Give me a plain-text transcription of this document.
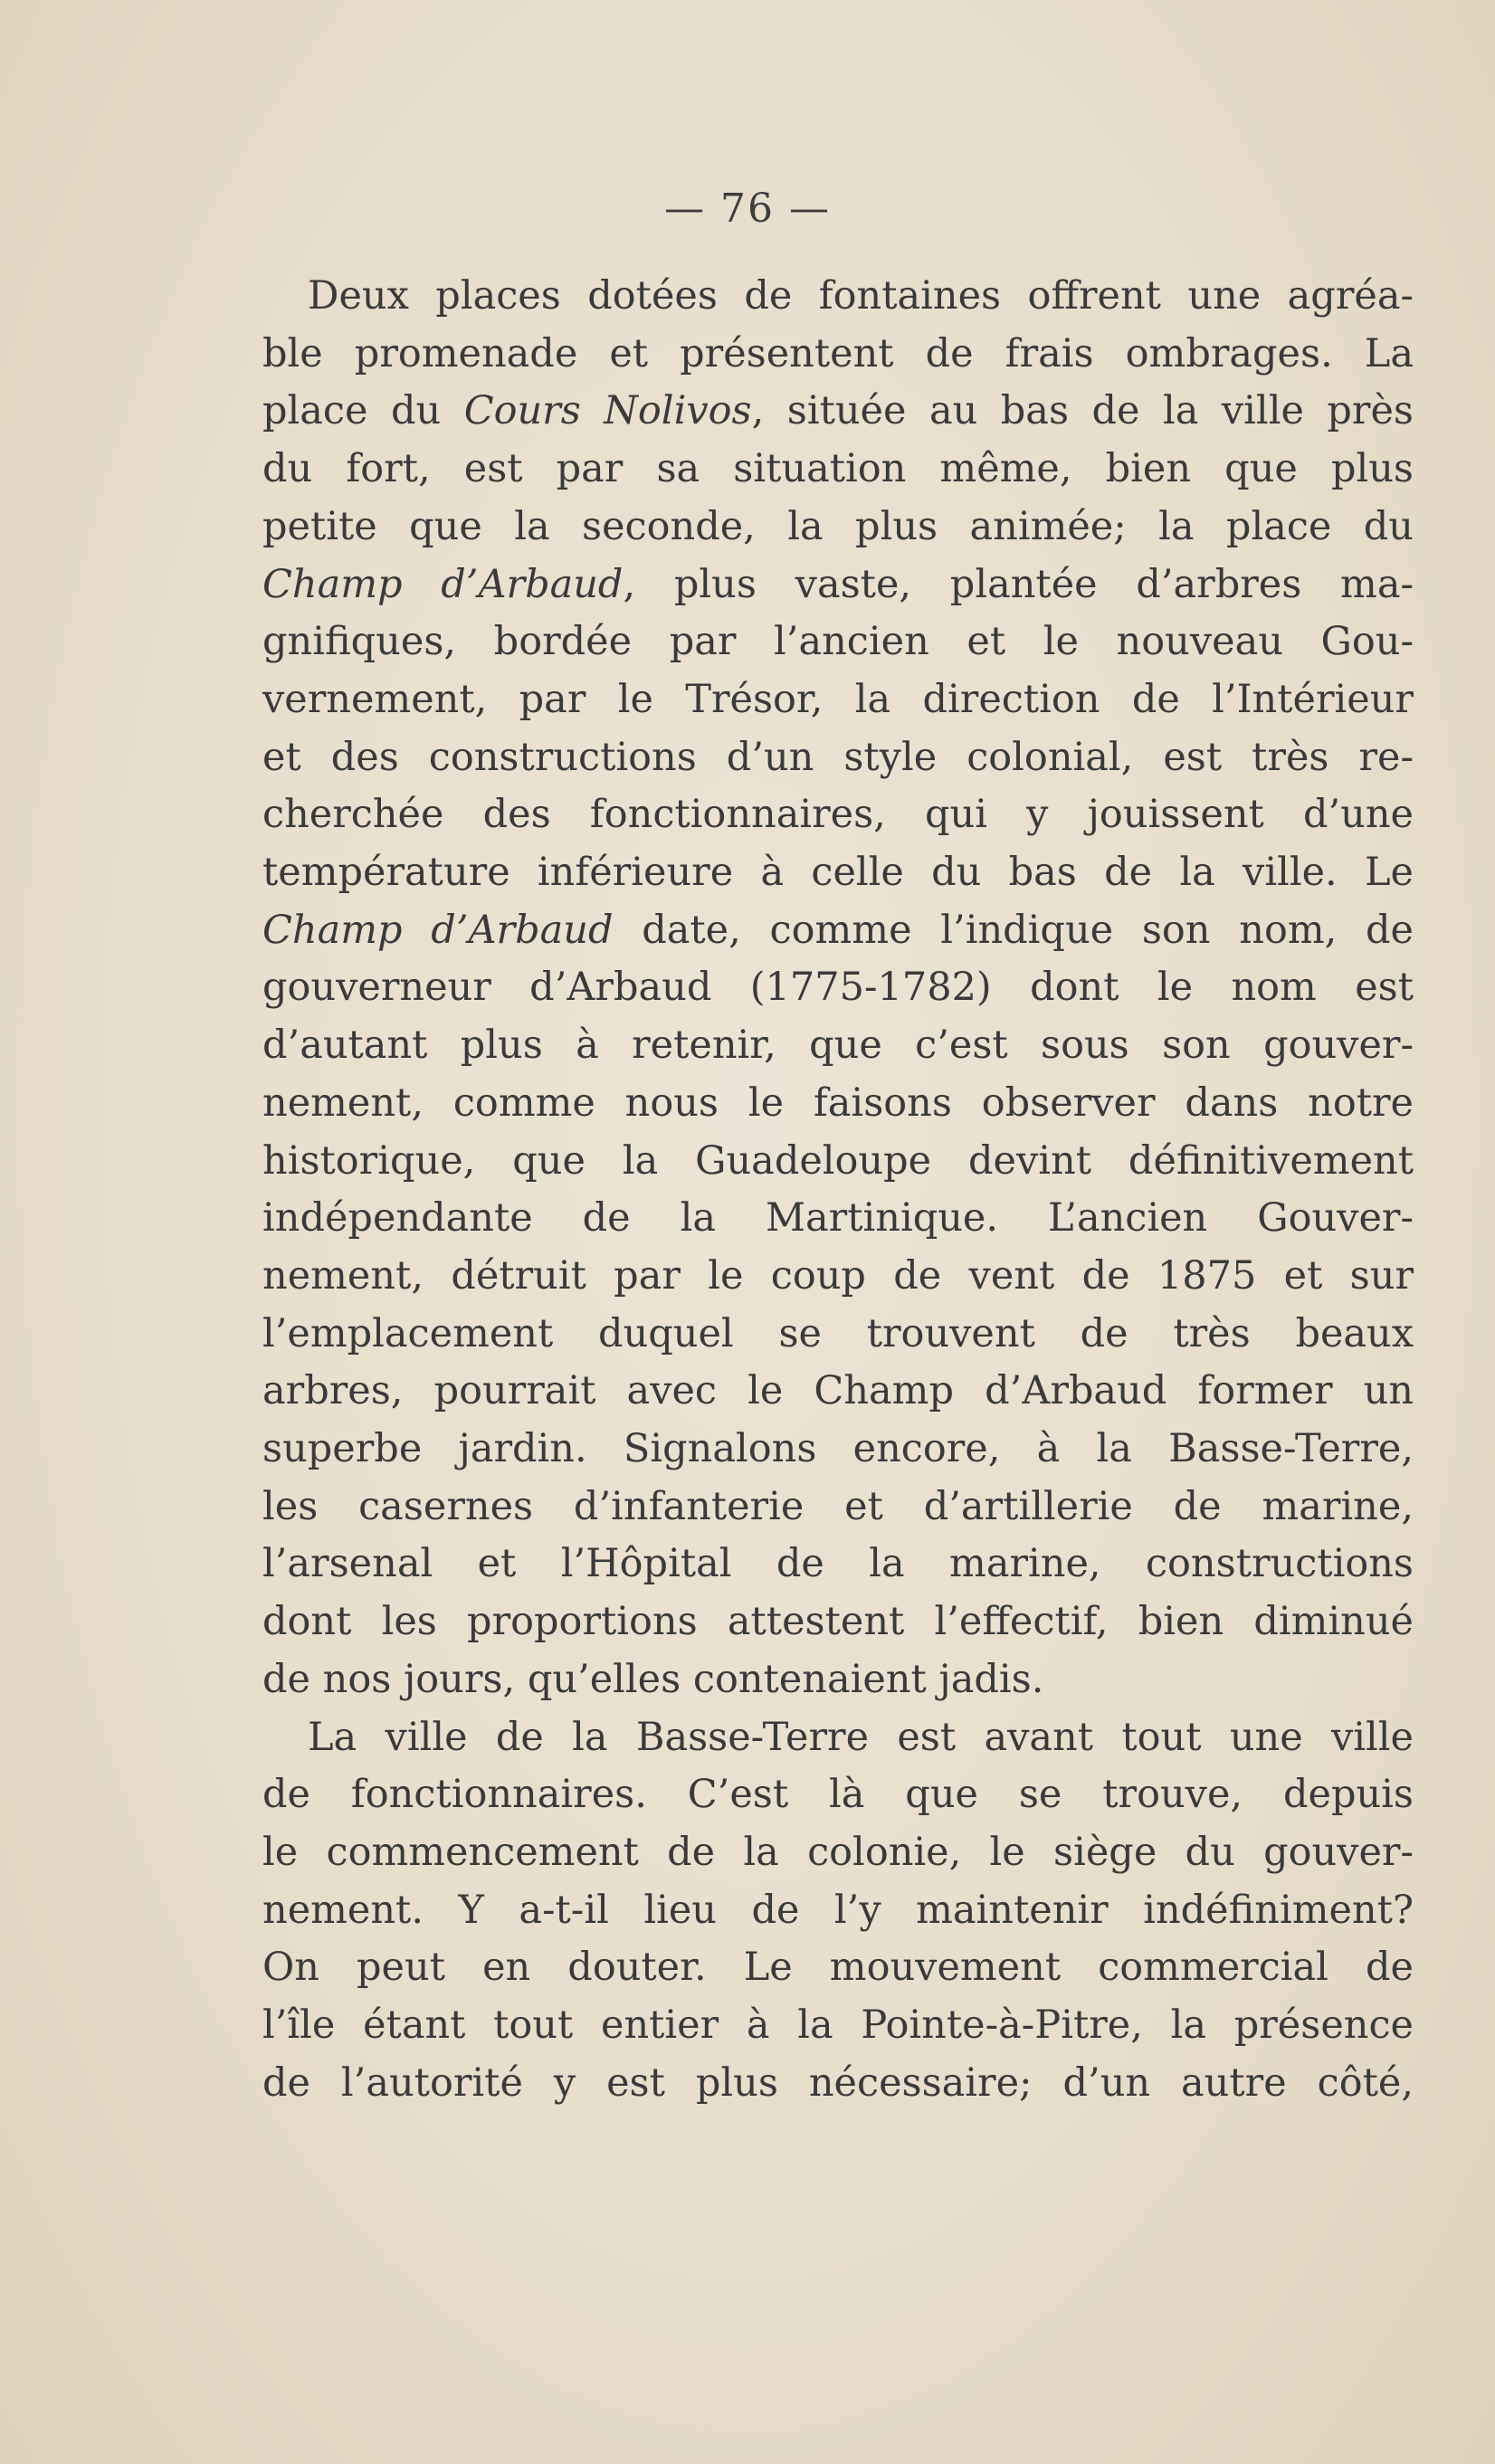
— 76 —
Deux places dotées de fontaines offrent une agréa-
ble promenade et présentent de frais ombrages. La
place du Cours Nolivos, située au bas de la ville près
du fort, est par sa situation même, bien que plus
petite que la seconde, la plus animée; la place du
Champ d’Arbaud, plus vaste, plantée d’arbres ma-
gnifiques, bordée par l’ancien et le nouveau Gou-
vernement, par le Trésor, la direction de l’Intérieur
et des constructions d’un style colonial, est très re-
cherchée des fonctionnaires, qui y jouissent d’une
température inférieure à celle du bas de la ville. Le
Champ d’Arbaud date, comme l’indique son nom, de
gouverneur d’Arbaud (1775-1782) dont le nom est
d’autant plus à retenir, que c’est sous son gouver-
nement, comme nous le faisons observer dans notre
historique, que la Guadeloupe devint définitivement
indépendante de la Martinique. L’ancien Gouver-
nement, détruit par le coup de vent de 1875 et sur
l’emplacement duquel se trouvent de très beaux
arbres, pourrait avec le Champ d’Arbaud former un
superbe jardin. Signalons encore, à la Basse-Terre,
les casernes d’infanterie et d’artillerie de marine,
l’arsenal et l’Hôpital de la marine, constructions
dont les proportions attestent l’effectif, bien diminué
de nos jours, qu’elles contenaient jadis.
La ville de la Basse-Terre est avant tout une ville
de fonctionnaires. C’est là que se trouve, depuis
le commencement de la colonie, le siège du gouver-
nement. Y a-t-il lieu de l’y maintenir indéfiniment?
On peut en douter. Le mouvement commercial de
l’île étant tout entier à la Pointe-à-Pitre, la présence
de l’autorité y est plus nécessaire; d’un autre côté,
